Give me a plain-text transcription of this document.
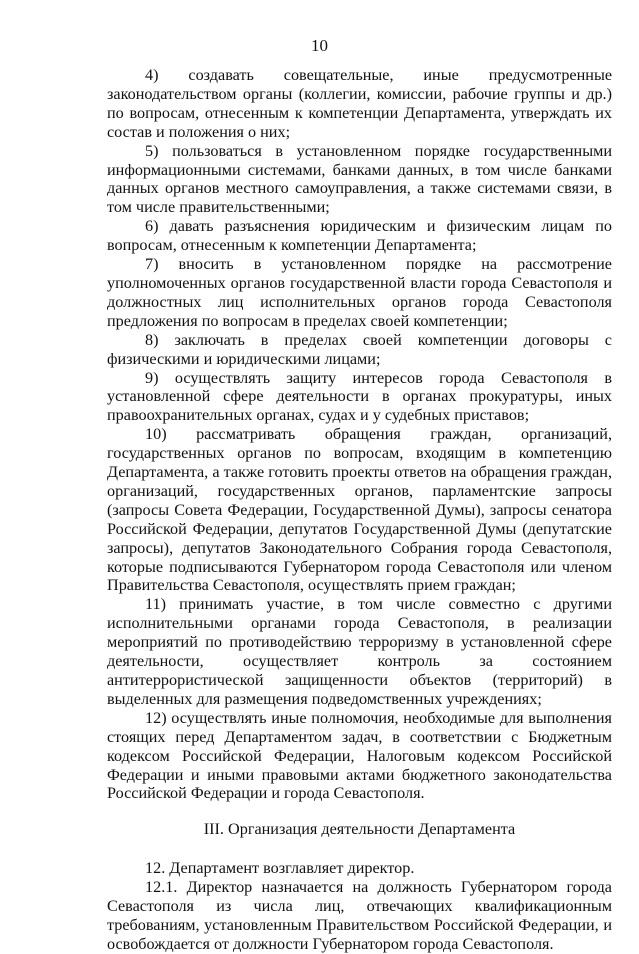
10

4) создавать совещательные, иные предусмотренные законодательством органы (коллегии, комиссии, рабочие группы и др.) по вопросам, отнесенным к компетенции Департамента, утверждать их состав и положения о них;

5) пользоваться в установленном порядке государственными информационными системами, банками данных, в том числе банками данных органов местного самоуправления, а также системами связи, в том числе правительственными;

6) давать разъяснения юридическим и физическим лицам по вопросам, отнесенным к компетенции Департамента;

7) вносить в установленном порядке на рассмотрение уполномоченных органов государственной власти города Севастополя и должностных лиц исполнительных органов города Севастополя предложения по вопросам в пределах своей компетенции;

8) заключать в пределах своей компетенции договоры с физическими и юридическими лицами;

9) осуществлять защиту интересов города Севастополя в установленной сфере деятельности в органах прокуратуры, иных правоохранительных органах, судах и у судебных приставов;

10) рассматривать обращения граждан, организаций, государственных органов по вопросам, входящим в компетенцию Департамента, а также готовить проекты ответов на обращения граждан, организаций, государственных органов, парламентские запросы (запросы Совета Федерации, Государственной Думы), запросы сенатора Российской Федерации, депутатов Государственной Думы (депутатские запросы), депутатов Законодательного Собрания города Севастополя, которые подписываются Губернатором города Севастополя или членом Правительства Севастополя, осуществлять прием граждан;

11) принимать участие, в том числе совместно с другими исполнительными органами города Севастополя, в реализации мероприятий по противодействию терроризму в установленной сфере деятельности, осуществляет контроль за состоянием антитеррористической защищенности объектов (территорий) в выделенных для размещения подведомственных учреждениях;

12) осуществлять иные полномочия, необходимые для выполнения стоящих перед Департаментом задач, в соответствии с Бюджетным кодексом Российской Федерации, Налоговым кодексом Российской Федерации и иными правовыми актами бюджетного законодательства Российской Федерации и города Севастополя.

III. Организация деятельности Департамента

12. Департамент возглавляет директор.

12.1. Директор назначается на должность Губернатором города Севастополя из числа лиц, отвечающих квалификационным требованиям, установленным Правительством Российской Федерации, и освобождается от должности Губернатором города Севастополя.
